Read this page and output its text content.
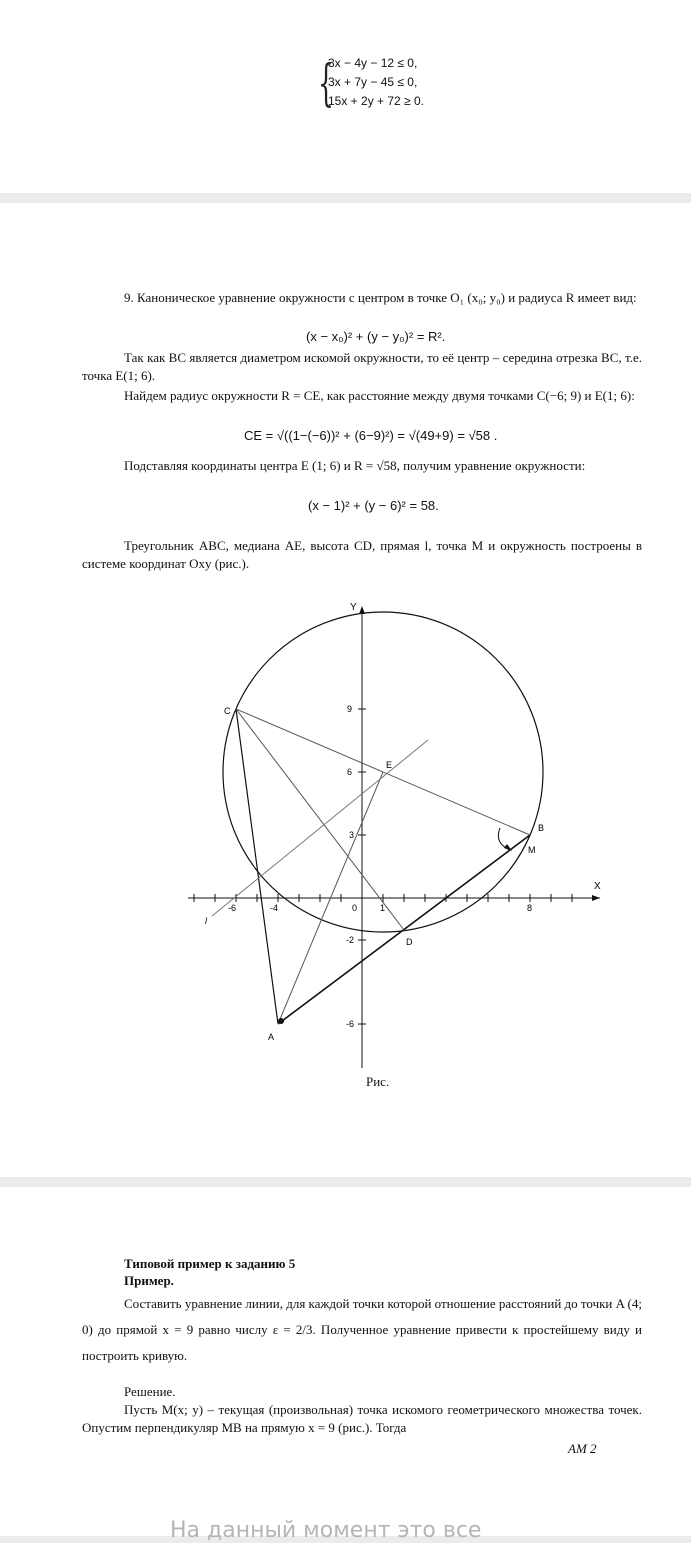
{
3x − 4y − 12 ≤ 0,
3x + 7y − 45 ≤ 0,
15x + 2y + 72 ≥ 0.
9. Каноническое уравнение окружности с центром в точке O₁ (x₀; y₀) и радиуса R имеет вид:
(x − x₀)² + (y − y₀)² = R².
Так как BC является диаметром искомой окружности, то её центр – середина отрезка BC, т.е. точка E(1; 6).
Найдем радиус окружности R = CE, как расстояние между двумя точками C(−6; 9) и E(1; 6):
CE = √((1−(−6))² + (6−9)²) = √(49+9) = √58 .
Подставляя координаты центра E (1; 6) и R = √58, получим уравнение окружности:
(x − 1)² + (y − 6)² = 58.
Треугольник ABC, медиана AE, высота CD, прямая l, точка M и окружность построены в системе координат Oxy (рис.).
X
Y
C
B
M
E
D
A
l
0
-6	-4	1	8
9
6
3
-2
-6
Рис.
Типовой пример к заданию 5
Пример.
Составить уравнение линии, для каждой точки которой отношение расстояний до точки A (4; 0) до прямой x = 9 равно числу ε = 2/3. Полученное уравнение привести к простейшему виду и построить кривую.
Решение.
Пусть M(x; y) – текущая (произвольная) точка искомого геометрического множества точек. Опустим перпендикуляр MB на прямую x = 9 (рис.). Тогда
AM 2
На данный момент это все
